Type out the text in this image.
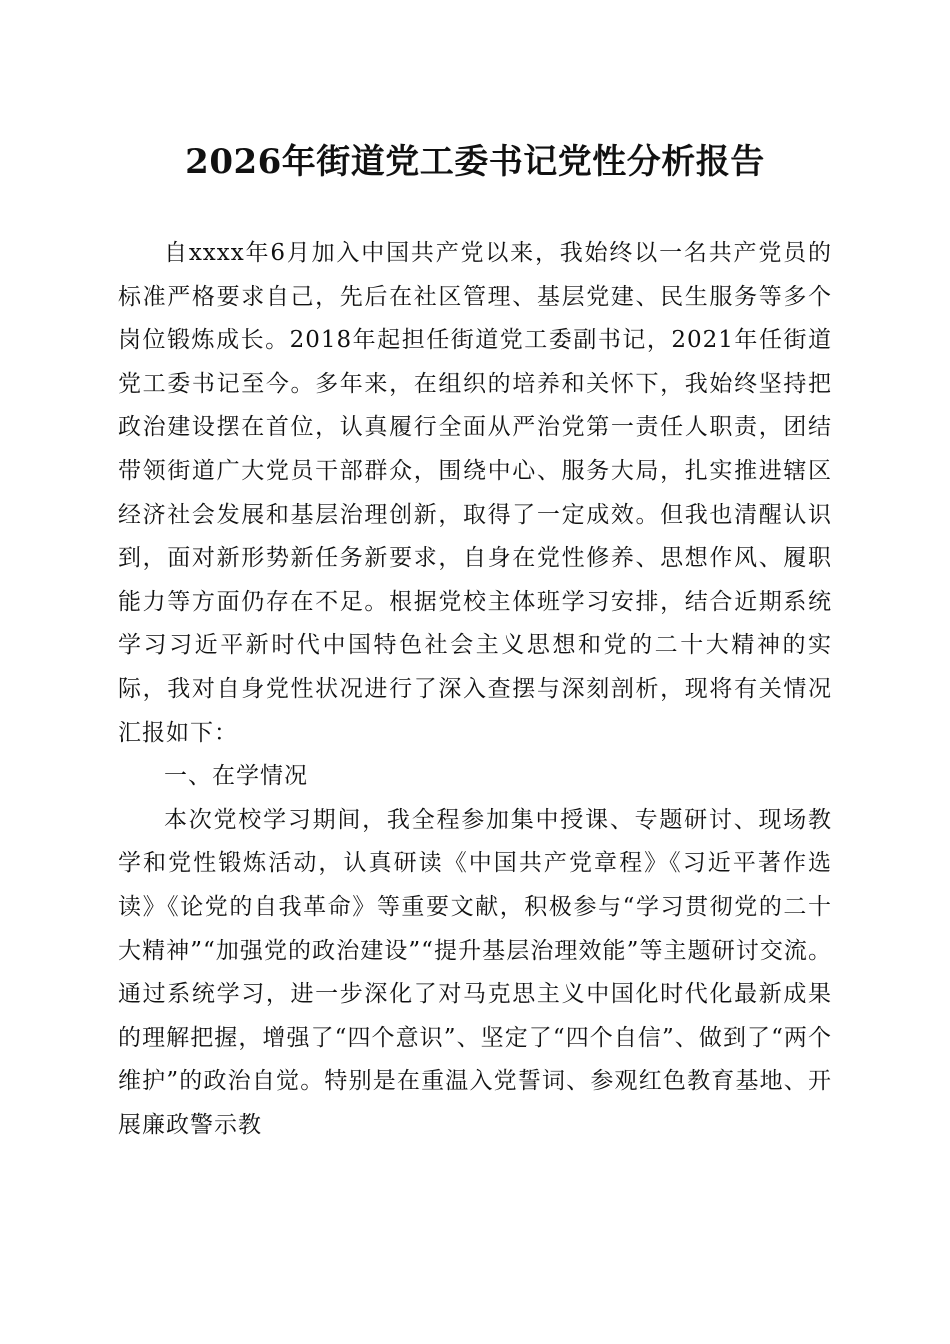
2026年街道党工委书记党性分析报告

自xxxx年6月加入中国共产党以来，我始终以一名共产党员的标准严格要求自己，先后在社区管理、基层党建、民生服务等多个岗位锻炼成长。2018年起担任街道党工委副书记，2021年任街道党工委书记至今。多年来，在组织的培养和关怀下，我始终坚持把政治建设摆在首位，认真履行全面从严治党第一责任人职责，团结带领街道广大党员干部群众，围绕中心、服务大局，扎实推进辖区经济社会发展和基层治理创新，取得了一定成效。但我也清醒认识到，面对新形势新任务新要求，自身在党性修养、思想作风、履职能力等方面仍存在不足。根据党校主体班学习安排，结合近期系统学习习近平新时代中国特色社会主义思想和党的二十大精神的实际，我对自身党性状况进行了深入查摆与深刻剖析，现将有关情况汇报如下：

一、在学情况

本次党校学习期间，我全程参加集中授课、专题研讨、现场教学和党性锻炼活动，认真研读《中国共产党章程》《习近平著作选读》《论党的自我革命》等重要文献，积极参与“学习贯彻党的二十大精神”“加强党的政治建设”“提升基层治理效能”等主题研讨交流。通过系统学习，进一步深化了对马克思主义中国化时代化最新成果的理解把握，增强了“四个意识”、坚定了“四个自信”、做到了“两个维护”的政治自觉。特别是在重温入党誓词、参观红色教育基地、开展廉政警示教
